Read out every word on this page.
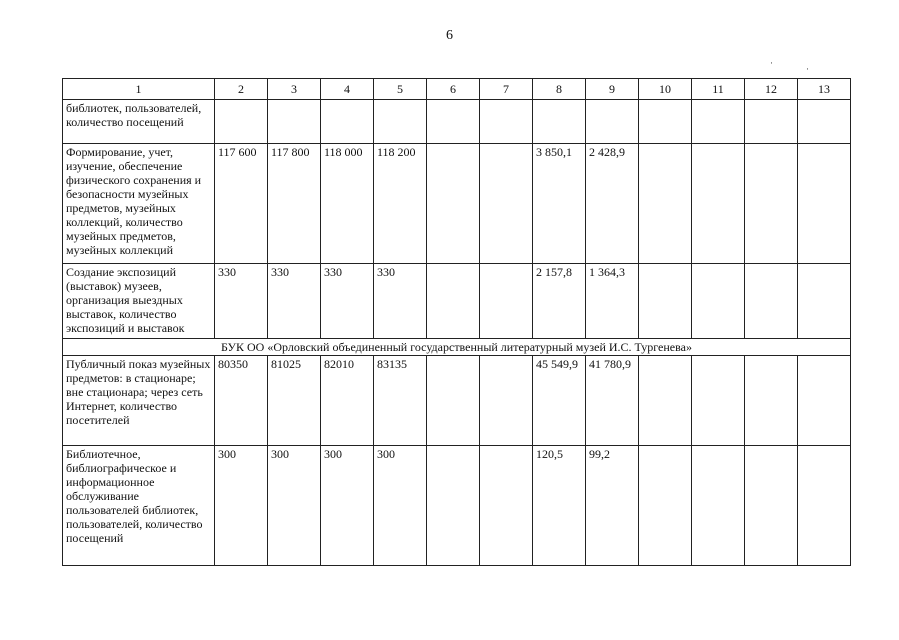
6
·
·
1	2	3	4	5	6	7	8	9	10	11	12	13
библиотек, пользователей, количество посещений												
Формирование, учет, изучение, обеспечение физического сохранения и безопасности музейных предметов, музейных коллекций, количество музейных предметов, музейных коллекций	117 600	117 800	118 000	118 200			3 850,1	2 428,9				
Создание экспозиций (выставок) музеев, организация выездных выставок, количество экспозиций и выставок	330	330	330	330			2 157,8	1 364,3				
БУК ОО «Орловский объединенный государственный литературный музей И.С. Тургенева»												
Публичный показ музейных предметов: в стационаре; вне стационара; через сеть Интернет, количество посетителей	80350	81025	82010	83135			45 549,9	41 780,9				
Библиотечное, библиографическое и информационное обслуживание пользователей библиотек, пользователей, количество посещений	300	300	300	300			120,5	99,2				
